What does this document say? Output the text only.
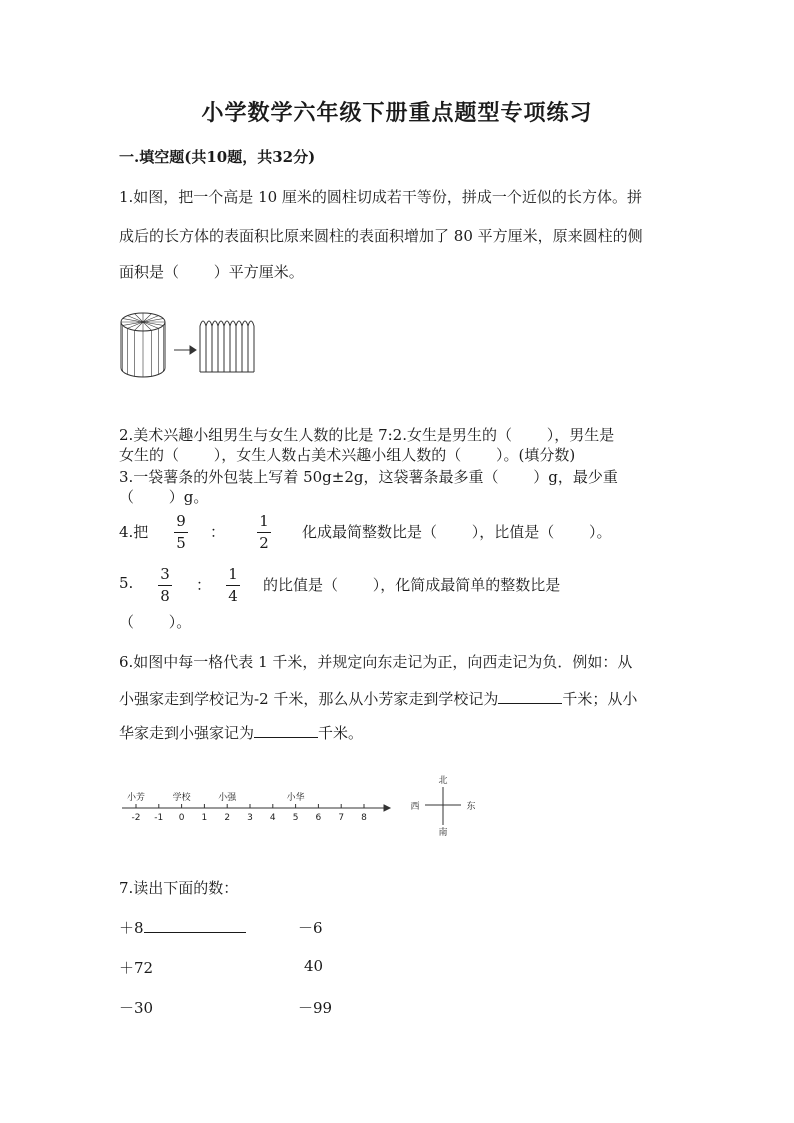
小学数学六年级下册重点题型专项练习
一.填空题(共10题，共32分)
1.如图，把一个高是 10 厘米的圆柱切成若干等份，拼成一个近似的长方体。拼
成后的长方体的表面积比原来圆柱的表面积增加了 80 平方厘米，原来圆柱的侧
面积是（　　 ）平方厘米。
2.美术兴趣小组男生与女生人数的比是 7:2.女生是男生的（　　 ），男生是
女生的（　　 ），女生人数占美术兴趣小组人数的（　　 ）。(填分数)
3.一袋薯条的外包装上写着 50g±2g，这袋薯条最多重（　　 ）g，最少重
（　　 ）g。
4.把
9
5
：
1
2
化成最简整数比是（　　 ），比值是（　　 ）。
5. 3
8
：
1
4
的比值是（　　 ），化简成最简单的整数比是
（　　 ）。
6.如图中每一格代表 1 千米，并规定向东走记为正，向西走记为负．例如：从
小强家走到学校记为-2 千米，那么从小芳家走到学校记为	千米；从小
华家走到小强家记为	千米。
-2 -1 0 1 2 3 4 5 6 7 8
小芳	学校	小强	小华
北
南
西	东
7.读出下面的数：
＋8	－6
＋72	40
－30	－99
